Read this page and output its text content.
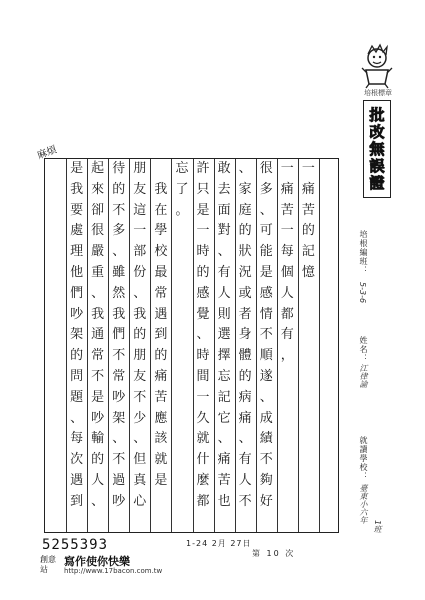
培根標章
批
改
無
誤
證
培根編班：
5-3-6
姓名：
江律諭
就讀學校：
臺東小六年
1班
麻煩
一
痛
苦
的
記
憶
一
痛
苦
一
每
個
人
都
有
，
很
多
、
可
能
是
感
情
不
順
遂
、
成
績
不
夠
好
、
家
庭
的
狀
況
或
者
身
體
的
病
痛
、
有
人
不
敢
去
面
對
、
有
人
則
選
擇
忘
記
它
、
痛
苦
也
許
只
是
一
時
的
感
覺
、
時
間
一
久
就
什
麼
都
忘
了
。

我
在
學
校
最
常
遇
到
的
痛
苦
應
該
就
是
朋
友
這
一
部
份
、
我
的
朋
友
不
少
、
但
真
心
待
的
不
多
、
雖
然
我
們
不
常
吵
架
、
不
過
吵
起
來
卻
很
嚴
重
、
我
通
常
不
是
吵
輸
的
人
、
是
我
要
處
理
他
們
吵
架
的
問
題
、
每
次
遇
到
1-24 2月 27日
第 10 次
5255393
創意站
寫作使你快樂
http://www.17bacon.com.tw
